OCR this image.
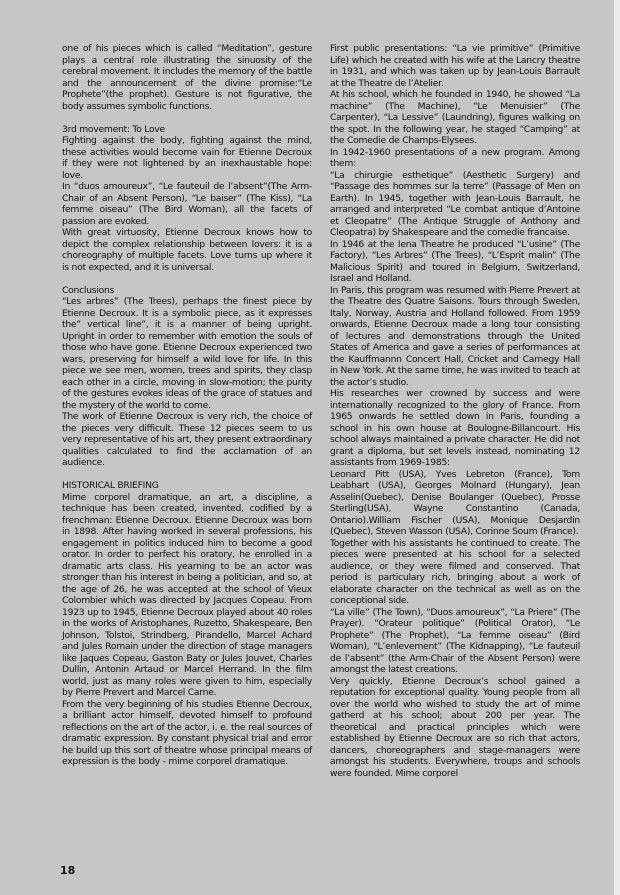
one of his pieces which is called “Meditation”, gesture plays a central role illustrating the sinuosity of the cerebral movement. It includes the memory of the battle and the announcement of the divine promise:“Le Prophete”(the prophet). Gesture is not figurative, the body assumes symbolic functions.

3rd movement: To Love

Fighting against the body, fighting against the mind, these activities would become vain for Etienne Decroux if they were not lightened by an inexhaustable hope: love.

In “duos amoureux”, “Le fauteuil de l’absent”(The Arm-Chair of an Absent Person), “Le baiser” (The Kiss), “La femme oiseau” (The Bird Woman), all the facets of passion are evoked.

With great virtuosity, Etienne Decroux knows how to depict the complex relationship between lovers: it is a choreography of multiple facets. Love turns up where it is not expected, and it is universal.

Conclusions

“Les arbres” (The Trees), perhaps the finest piece by Etienne Decroux. It is a symbolic piece, as it expresses the” vertical line”, it is a manner of being upright. Upright in order to remember with emotion the souls of those who have gone. Etienne Decroux experienced two wars, preserving for himself a wild love for life. In this piece we see men, women, trees and spirits, they clasp each other in a circle, moving in slow-motion; the purity of the gestures evokes ideas of the grace of statues and the mystery of the world to come.

The work of Etienne Decroux is very rich, the choice of the pieces very difficult. These 12 pieces seem to us very representative of his art, they present extraordinary qualities calculated to find the acclamation of an audience.

HISTORICAL BRIEFING

Mime corporel dramatique, an art, a discipline, a technique has been created, invented, codified by a frenchman: Etienne Decroux. Etienne Decroux was born in 1898. After having worked in several professions, his engagement in politics induced him to become a good orator. In order to perfect his oratory, he enrolled in a dramatic arts class. His yearning to be an actor was stronger than his interest in being a politician, and so, at the age of 26, he was accepted at the school of Vieux Colombier which was directed by Jacques Copeau. From 1923 up to 1945, Etienne Decroux played about 40 roles in the works of Aristophanes, Ruzetto, Shakespeare, Ben Johnson, Tolstoi, Strindberg, Pirandello, Marcel Achard and Jules Romain under the direction of stage managers like Jaques Copeau, Gaston Baty or Jules Jouvet, Charles Dullin, Antonin Artaud or Marcel Herrand. In the film world, just as many roles were given to him, especially by Pierre Prevert and Marcel Carne.

From the very beginning of his studies Etienne Decroux, a brilliant actor himself, devoted himself to profound reflections on the art of the actor, i. e. the real sources of dramatic expression. By constant physical trial and error he build up this sort of theatre whose principal means of expression is the body - mime corporel dramatique.

First public presentations: “La vie primitive” (Primitive Life) which he created with his wife at the Lancry theatre in 1931, and which was taken up by Jean-Louis Barrault at the Theatre de l’Atelier.

At his school, which he founded in 1940, he showed “La machine” (The Machine), “Le Menuisier” (The Carpenter), “La Lessive” (Laundring), figures walking on the spot. In the following year, he staged “Camping” at the Comedie de Champs-Elysees.

In 1942-1960 presentations of a new program. Among them:

“La chirurgie esthetique” (Aesthetic Surgery) and “Passage des hommes sur la terre” (Passage of Men on Earth). In 1945, together with Jean-Louis Barrault, he arranged and interpreted “Le combat antique d’Antoine et Cleopatre” (The Antique Struggle of Anthony and Cleopatra) by Shakespeare and the comedie francaise.

In 1946 at the Iena Theatre he produced “L’usine” (The Factory), “Les Arbres” (The Trees), “L’Esprit malin” (The Malicious Spirit) and toured in Belgium, Switzerland, Israel and Holland.

In Paris, this program was resumed with Pierre Prevert at the Theatre des Quatre Saisons. Tours through Sweden, Italy, Norway, Austria and Holland followed. From 1959 onwards, Etienne Decroux made a long tour consisting of lectures and demonstrations through the United States of America and gave a series of performances at the Kauffmannn Concert Hall, Cricket and Carnegy Hall in New York. At the same time, he was invited to teach at the actor’s studio.

His researches wer crowned by success and were internationally recognized to the glory of France. From 1965 onwards he settled down in Paris, founding a school in his own house at Boulogne-Billancourt. His school always maintained a private character. He did not grant a diploma, but set levels instead, nominating 12 assistants from 1969-1985:

Leonard Pitt (USA), Yves Lebreton (France), Tom Leabhart (USA), Georges Molnard (Hungary), Jean Asselin(Quebec), Denise Boulanger (Quebec), Prosse Sterling(USA), Wayne Constantino (Canada, Ontario).William Fischer (USA), Monique Desjardin (Quebec), Steven Wasson (USA), Corinne Soum (France).

Together with his assistants he continued to create. The pieces were presented at his school for a selected audience, or they were filmed and conserved. That period is particulary rich, bringing about a work of elaborate character on the technical as well as on the conceptional side.

“La ville” (The Town), “Duos amoureux”, “La Priere” (The Prayer). “Orateur politique” (Political Orator), “Le Prophete” (The Prophet), “La femme oiseau” (Bird Woman), “L’enlevement” (The Kidnapping), “Le fauteuil de l’absent” (the Arm-Chair of the Absent Person) were amongst the latest creations.

Very quickly, Etienne Decroux’s school gained a reputation for exceptional quality. Young people from all over the world who wished to study the art of mime gatherd at his school; about 200 per year. The theoretical and practical principles which were established by Etienne Decroux are so rich that actors, dancers, choreographers and stage-managers were amongst his students. Everywhere, troups and schools were founded. Mime corporel

18
